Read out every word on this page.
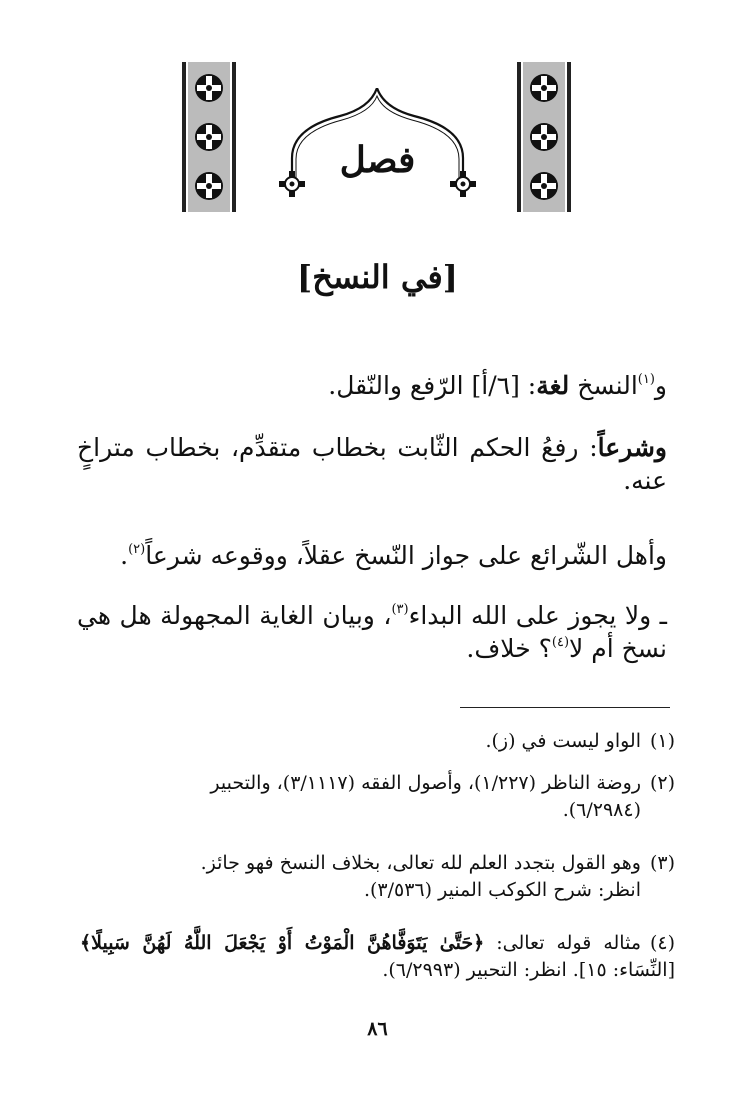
فصل
[في النسخ]
و$^{(١)}$النسخ لغة: [٦/أ] الرّفع والنّقل.
وشرعاً: رفعُ الحكم الثّابت بخطاب متقدِّم، بخطاب متراخٍ عنه.
وأهل الشّرائع على جواز النّسخ عقلاً، ووقوعه شرعاً$^{(٢)}$.
ـ ولا يجوز على الله البداء$^{(٣)}$، وبيان الغاية المجهولة هل هي نسخ أم لا$^{(٤)}$؟ خلاف.
(١)الواو ليست في (ز).
(٢)روضة الناظر (١/٢٢٧)، وأصول الفقه (٣/١١١٧)، والتحبير
(٦/٢٩٨٤).
(٣)وهو القول بتجدد العلم لله تعالى، بخلاف النسخ فهو جائز.
انظر: شرح الكوكب المنير (٣/٥٣٦).
(٤)مثاله قوله تعالى: ﴿حَتَّىٰ يَتَوَفَّاهُنَّ الْمَوْتُ أَوْ يَجْعَلَ اللَّهُ لَهُنَّ سَبِيلًا﴾ [النِّسَاء: ١٥]. انظر: التحبير (٦/٢٩٩٣).
٨٦
